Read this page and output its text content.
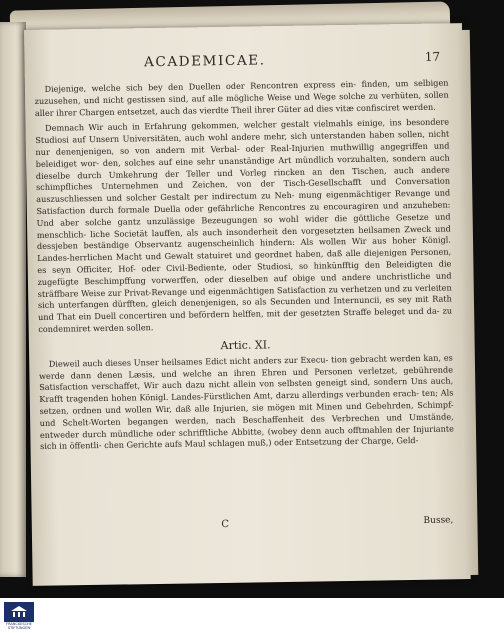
ACADEMICAE.	17

Diejenige, welche sich bey den Duellen oder Rencontren express ein- finden, um selbigen zuzusehen, und nicht gestissen sind, auf alle mögliche Weise und Wege solche zu verhüten, sollen aller ihrer Chargen entsetzet, auch das vierdte Theil ihrer Güter ad dies vitæ confisciret werden.

Demnach Wir auch in Erfahrung gekommen, welcher gestalt vielmahls einige, ins besondere Studiosi auf Unsern Universitäten, auch wohl andere mehr, sich unterstanden haben sollen, nicht nur denenjenigen, so von andern mit Verbal- oder Real-Injurien muthwillig angegriffen und beleidiget wor- den, solches auf eine sehr unanständige Art mündlich vorzuhalten, sondern auch dieselbe durch Umkehrung der Teller und Vorleg rincken an den Tischen, auch andere schimpfliches Unternehmen und Zeichen, von der Tisch-Gesellschafft und Conversation auszuschliessen und solcher Gestalt per indirectum zu Neh- mung eigenmächtiger Revange und Satisfaction durch formale Duella oder gefährliche Rencontres zu encouragiren und anzuheben: Und aber solche gantz unzulässige Bezeugungen so wohl wider die göttliche Gesetze und menschlich- liche Societät lauffen, als auch insonderheit den vorgesetzten heilsamen Zweck und dessjeben beständige Observantz augenscheinlich hindern: Als wollen Wir aus hoher Königl. Landes-herrlichen Macht und Gewalt statuiret und geordnet haben, daß alle diejenigen Personen, es seyn Officiter, Hof- oder Civil-Bediente, oder Studiosi, so hinkünfftig den Beleidigten die zugefügte Beschimpffung vorwerffen, oder dieselben auf obige und andere unchristliche und sträffbare Weise zur Privat-Revange und eigenmächtigen Satisfaction zu verhetzen und zu verleiten sich unterfangen dürfften, gleich denenjenigen, so als Secunden und Internuncii, es sey mit Rath und That ein Duell concertiren und befördern helffen, mit der gesetzten Straffe beleget und da- zu condemniret werden sollen.

Artic. XI.

Dieweil auch dieses Unser heilsames Edict nicht anders zur Execu- tion gebracht werden kan, es werde dann denen Læsis, und welche an ihren Ehren und Personen verletzet, gebührende Satisfaction verschaffet, Wir auch dazu nicht allein von selbsten geneigt sind, sondern Uns auch, Krafft tragenden hohen Königl. Landes-Fürstlichen Amt, darzu allerdings verbunden erach- ten; Als setzen, ordnen und wollen Wir, daß alle Injurien, sie mögen mit Minen und Gebehrden, Schimpf- und Schelt-Worten begangen werden, nach Beschaffenheit des Verbrechen und Umstände, entweder durch mündliche oder schrifftliche Abbitte, (wobey denn auch offtmahlen der Injuriante sich in öffentli- chen Gerichte aufs Maul schlagen muß,) oder Entsetzung der Charge, Geld-

C	Busse,
FRANCKESCHE
STIFTUNGEN
